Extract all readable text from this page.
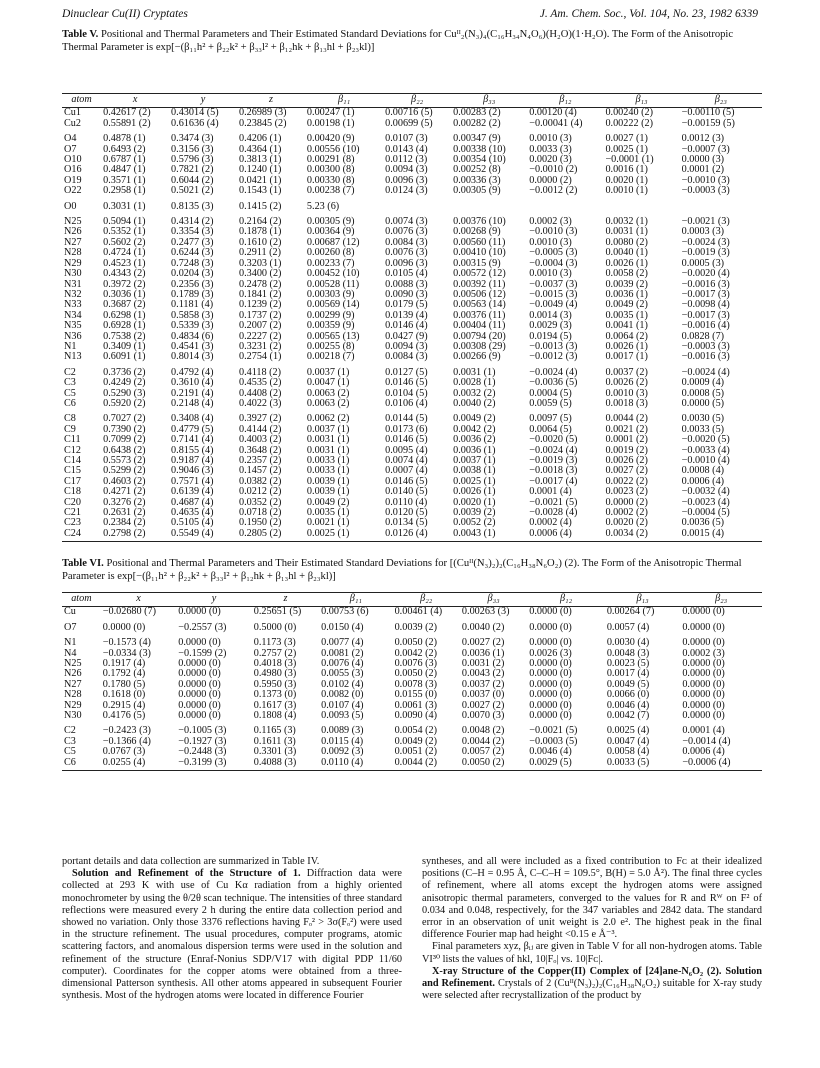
Dinuclear Cu(II) Cryptates	J. Am. Chem. Soc., Vol. 104, No. 23, 1982 6339
Table V. Positional and Thermal Parameters and Their Estimated Standard Deviations for Cuᴵᴵ₂(N₃)₄(C₁₆H₃₄N₄O₆)(H₂O)(1·H₂O). The Form of the Anisotropic Thermal Parameter is exp[−(β₁₁h² + β₂₂k² + β₃₃l² + β₁₂hk + β₁₃hl + β₂₃kl)]
atom	x	y	z	β₁₁	β₂₂	β₃₃	β₁₂	β₁₃	β₂₃
Cu1	0.42617 (2)	0.43014 (5)	0.26989 (3)	0.00247 (1)	0.00716 (5)	0.00283 (2)	0.00120 (4)	0.00240 (2)	−0.00110 (5)
Cu2	0.55891 (2)	0.61636 (4)	0.23845 (2)	0.00198 (1)	0.00699 (5)	0.00282 (2)	−0.00041 (4)	0.00222 (2)	−0.00159 (5)
O4	0.4878 (1)	0.3474 (3)	0.4206 (1)	0.00420 (9)	0.0107 (3)	0.00347 (9)	0.0010 (3)	0.0027 (1)	0.0012 (3)
O7	0.6493 (2)	0.3156 (3)	0.4364 (1)	0.00556 (10)	0.0143 (4)	0.00338 (10)	0.0033 (3)	0.0025 (1)	−0.0007 (3)
O10	0.6787 (1)	0.5796 (3)	0.3813 (1)	0.00291 (8)	0.0112 (3)	0.00354 (10)	0.0020 (3)	−0.0001 (1)	0.0000 (3)
O16	0.4847 (1)	0.7821 (2)	0.1240 (1)	0.00300 (8)	0.0094 (3)	0.00252 (8)	−0.0010 (2)	0.0016 (1)	0.0001 (2)
O19	0.3571 (1)	0.6044 (2)	0.0421 (1)	0.00330 (8)	0.0096 (3)	0.00336 (3)	0.0000 (2)	0.0020 (1)	−0.0010 (3)
O22	0.2958 (1)	0.5021 (2)	0.1543 (1)	0.00238 (7)	0.0124 (3)	0.00305 (9)	−0.0012 (2)	0.0010 (1)	−0.0003 (3)
O0	0.3031 (1)	0.8135 (3)	0.1415 (2)	5.23 (6)					
N25	0.5094 (1)	0.4314 (2)	0.2164 (2)	0.00305 (9)	0.0074 (3)	0.00376 (10)	0.0002 (3)	0.0032 (1)	−0.0021 (3)
N26	0.5352 (1)	0.3354 (3)	0.1878 (1)	0.00364 (9)	0.0076 (3)	0.00268 (9)	−0.0010 (3)	0.0031 (1)	0.0003 (3)
N27	0.5602 (2)	0.2477 (3)	0.1610 (2)	0.00687 (12)	0.0084 (3)	0.00560 (11)	0.0010 (3)	0.0080 (2)	−0.0024 (3)
N28	0.4724 (1)	0.6244 (3)	0.2911 (2)	0.00260 (8)	0.0076 (3)	0.00410 (10)	−0.0005 (3)	0.0040 (1)	−0.0019 (3)
N29	0.4523 (1)	0.7248 (3)	0.3203 (1)	0.00233 (7)	0.0096 (3)	0.00315 (9)	−0.0004 (3)	0.0026 (1)	0.0005 (3)
N30	0.4343 (2)	0.0204 (3)	0.3400 (2)	0.00452 (10)	0.0105 (4)	0.00572 (12)	0.0010 (3)	0.0058 (2)	−0.0020 (4)
N31	0.3972 (2)	0.2356 (3)	0.2478 (2)	0.00528 (11)	0.0088 (3)	0.00392 (11)	−0.0037 (3)	0.0039 (2)	−0.0016 (3)
N32	0.3036 (1)	0.1789 (3)	0.1841 (2)	0.00303 (9)	0.0090 (3)	0.00506 (12)	−0.0015 (3)	0.0036 (1)	−0.0017 (3)
N33	0.3687 (2)	0.1181 (4)	0.1239 (2)	0.00569 (14)	0.0179 (5)	0.00563 (14)	−0.0049 (4)	0.0049 (2)	−0.0098 (4)
N34	0.6298 (1)	0.5858 (3)	0.1737 (2)	0.00299 (9)	0.0139 (4)	0.00376 (11)	0.0014 (3)	0.0035 (1)	−0.0017 (3)
N35	0.6928 (1)	0.5339 (3)	0.2007 (2)	0.00359 (9)	0.0146 (4)	0.00404 (11)	0.0029 (3)	0.0041 (1)	−0.0016 (4)
N36	0.7538 (2)	0.4834 (6)	0.2227 (2)	0.00565 (13)	0.0427 (9)	0.00794 (20)	0.0194 (5)	0.0064 (2)	0.0828 (7)
N1	0.3409 (1)	0.4541 (3)	0.3231 (2)	0.00255 (8)	0.0094 (3)	0.00308 (29)	−0.0013 (3)	0.0026 (1)	−0.0003 (3)
N13	0.6091 (1)	0.8014 (3)	0.2754 (1)	0.00218 (7)	0.0084 (3)	0.00266 (9)	−0.0012 (3)	0.0017 (1)	−0.0016 (3)
C2	0.3736 (2)	0.4792 (4)	0.4118 (2)	0.0037 (1)	0.0127 (5)	0.0031 (1)	−0.0024 (4)	0.0037 (2)	−0.0024 (4)
C3	0.4249 (2)	0.3610 (4)	0.4535 (2)	0.0047 (1)	0.0146 (5)	0.0028 (1)	−0.0036 (5)	0.0026 (2)	0.0009 (4)
C5	0.5290 (3)	0.2191 (4)	0.4408 (2)	0.0063 (2)	0.0104 (5)	0.0032 (2)	0.0004 (5)	0.0010 (3)	0.0008 (5)
C6	0.5920 (2)	0.2148 (4)	0.4022 (3)	0.0063 (2)	0.0106 (4)	0.0040 (2)	0.0059 (5)	0.0018 (3)	0.0000 (5)
C8	0.7027 (2)	0.3408 (4)	0.3927 (2)	0.0062 (2)	0.0144 (5)	0.0049 (2)	0.0097 (5)	0.0044 (2)	0.0030 (5)
C9	0.7390 (2)	0.4779 (5)	0.4144 (2)	0.0037 (1)	0.0173 (6)	0.0042 (2)	0.0064 (5)	0.0021 (2)	0.0033 (5)
C11	0.7099 (2)	0.7141 (4)	0.4003 (2)	0.0031 (1)	0.0146 (5)	0.0036 (2)	−0.0020 (5)	0.0001 (2)	−0.0020 (5)
C12	0.6438 (2)	0.8155 (4)	0.3648 (2)	0.0031 (1)	0.0095 (4)	0.0036 (1)	−0.0024 (4)	0.0019 (2)	−0.0033 (4)
C14	0.5573 (2)	0.9187 (4)	0.2357 (2)	0.0033 (1)	0.0074 (4)	0.0037 (1)	−0.0019 (3)	0.0026 (2)	−0.0010 (4)
C15	0.5299 (2)	0.9046 (3)	0.1457 (2)	0.0033 (1)	0.0007 (4)	0.0038 (1)	−0.0018 (3)	0.0027 (2)	0.0008 (4)
C17	0.4603 (2)	0.7571 (4)	0.0382 (2)	0.0039 (1)	0.0146 (5)	0.0025 (1)	−0.0017 (4)	0.0022 (2)	0.0006 (4)
C18	0.4271 (2)	0.6139 (4)	0.0212 (2)	0.0039 (1)	0.0140 (5)	0.0026 (1)	0.0001 (4)	0.0023 (2)	−0.0032 (4)
C20	0.3276 (2)	0.4687 (4)	0.0352 (2)	0.0049 (2)	0.0110 (4)	0.0020 (1)	−0.0021 (5)	0.0000 (2)	−0.0023 (4)
C21	0.2631 (2)	0.4635 (4)	0.0718 (2)	0.0035 (1)	0.0120 (5)	0.0039 (2)	−0.0028 (4)	0.0002 (2)	−0.0004 (5)
C23	0.2384 (2)	0.5105 (4)	0.1950 (2)	0.0021 (1)	0.0134 (5)	0.0052 (2)	0.0002 (4)	0.0020 (2)	0.0036 (5)
C24	0.2798 (2)	0.5549 (4)	0.2805 (2)	0.0025 (1)	0.0126 (4)	0.0043 (1)	0.0006 (4)	0.0034 (2)	0.0015 (4)
Table VI. Positional and Thermal Parameters and Their Estimated Standard Deviations for [(Cuᴵᴵ(N₃)₂)₂(C₁₆H₃₈N₆O₂) (2). The Form of the Anisotropic Thermal Parameter is exp[−(β₁₁h² + β₂₂k² + β₃₃l² + β₁₂hk + β₁₃hl + β₂₃kl)]
atom	x	y	z	β₁₁	β₂₂	β₃₃	β₁₂	β₁₃	β₂₃
Cu	−0.02680 (7)	0.0000 (0)	0.25651 (5)	0.00753 (6)	0.00461 (4)	0.00263 (3)	0.0000 (0)	0.00264 (7)	0.0000 (0)
O7	0.0000 (0)	−0.2557 (3)	0.5000 (0)	0.0150 (4)	0.0039 (2)	0.0040 (2)	0.0000 (0)	0.0057 (4)	0.0000 (0)
N1	−0.1573 (4)	0.0000 (0)	0.1173 (3)	0.0077 (4)	0.0050 (2)	0.0027 (2)	0.0000 (0)	0.0030 (4)	0.0000 (0)
N4	−0.0334 (3)	−0.1599 (2)	0.2757 (2)	0.0081 (2)	0.0042 (2)	0.0036 (1)	0.0026 (3)	0.0048 (3)	0.0002 (3)
N25	0.1917 (4)	0.0000 (0)	0.4018 (3)	0.0076 (4)	0.0076 (3)	0.0031 (2)	0.0000 (0)	0.0023 (5)	0.0000 (0)
N26	0.1792 (4)	0.0000 (0)	0.4980 (3)	0.0055 (3)	0.0050 (2)	0.0043 (2)	0.0000 (0)	0.0017 (4)	0.0000 (0)
N27	0.1780 (5)	0.0000 (0)	0.5950 (3)	0.0102 (4)	0.0078 (3)	0.0037 (2)	0.0000 (0)	0.0049 (5)	0.0000 (0)
N28	0.1618 (0)	0.0000 (0)	0.1373 (0)	0.0082 (0)	0.0155 (0)	0.0037 (0)	0.0000 (0)	0.0066 (0)	0.0000 (0)
N29	0.2915 (4)	0.0000 (0)	0.1617 (3)	0.0107 (4)	0.0061 (3)	0.0027 (2)	0.0000 (0)	0.0046 (4)	0.0000 (0)
N30	0.4176 (5)	0.0000 (0)	0.1808 (4)	0.0093 (5)	0.0090 (4)	0.0070 (3)	0.0000 (0)	0.0042 (7)	0.0000 (0)
C2	−0.2423 (3)	−0.1005 (3)	0.1165 (3)	0.0089 (3)	0.0054 (2)	0.0048 (2)	−0.0021 (5)	0.0025 (4)	0.0001 (4)
C3	−0.1366 (4)	−0.1927 (3)	0.1611 (3)	0.0115 (4)	0.0049 (2)	0.0044 (2)	−0.0003 (5)	0.0047 (4)	−0.0014 (4)
C5	0.0767 (3)	−0.2448 (3)	0.3301 (3)	0.0092 (3)	0.0051 (2)	0.0057 (2)	0.0046 (4)	0.0058 (4)	0.0006 (4)
C6	0.0255 (4)	−0.3199 (3)	0.4088 (3)	0.0110 (4)	0.0044 (2)	0.0050 (2)	0.0029 (5)	0.0033 (5)	−0.0006 (4)

portant details and data collection are summarized in Table IV.

Solution and Refinement of the Structure of 1. Diffraction data were collected at 293 K with use of Cu Kα radiation from a highly oriented monochrometer by using the θ/2θ scan technique. The intensities of three standard reflections were measured every 2 h during the entire data collection period and showed no variation. Only those 3376 reflections having Fₒ² > 3σ(Fₒ²) were used in the structure refinement. The usual procedures, computer programs, atomic scattering factors, and anomalous dispersion terms were used in the solution and refinement of the structure (Enraf-Nonius SDP/V17 with digital PDP 11/60 computer). Coordinates for the copper atoms were obtained from a three-dimensional Patterson synthesis. All other atoms appeared in subsequent Fourier synthesis. Most of the hydrogen atoms were located in difference Fourier

syntheses, and all were included as a fixed contribution to Fᴄ at their idealized positions (C–H = 0.95 Å, C–C–H = 109.5°, B(H) = 5.0 Å²). The final three cycles of refinement, where all atoms except the hydrogen atoms were assigned anisotropic thermal parameters, converged to the values for R and Rᵂ on F² of 0.034 and 0.048, respectively, for the 347 variables and 2842 data. The standard error in an observation of unit weight is 2.0 e². The highest peak in the final difference Fourier map had height <0.15 e Å⁻³.

Final parameters xyz, βᵢⱼ are given in Table V for all non-hydrogen atoms. Table VI³⁰ lists the values of hkl, 10|Fₒ| vs. 10|Fᴄ|.

X-ray Structure of the Copper(II) Complex of [24]ane-N₆O₂ (2). Solution and Refinement. Crystals of 2 (Cuᴵᴵ(N₃)₂)₂(C₁₆H₃₈N₆O₂) suitable for X-ray study were selected after recrystallization of the product by
